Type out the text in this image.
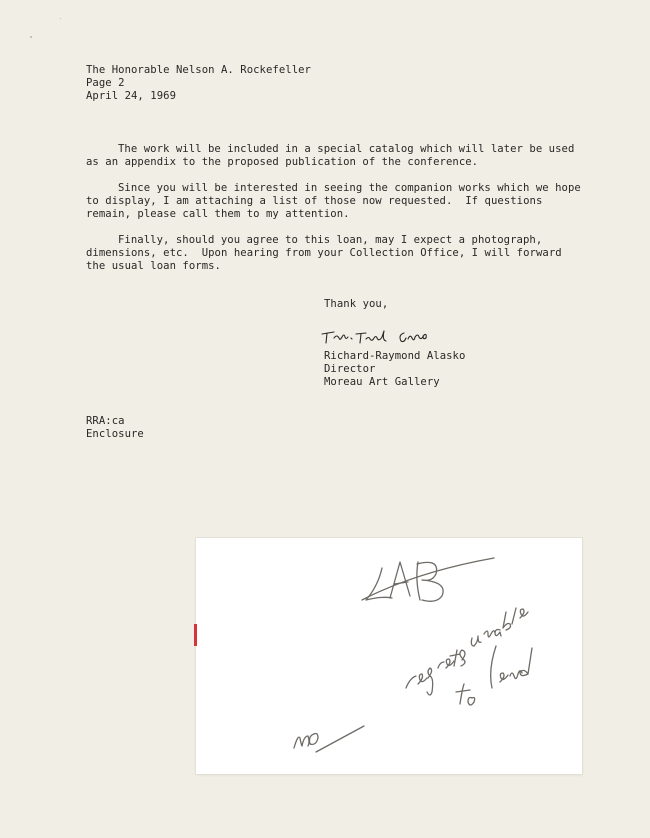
The Honorable Nelson A. Rockefeller
Page 2
April 24, 1969
The work will be included in a special catalog which will later be used
as an appendix to the proposed publication of the conference.
Since you will be interested in seeing the companion works which we hope
to display, I am attaching a list of those now requested.  If questions
remain, please call them to my attention.
Finally, should you agree to this loan, may I expect a photograph,
dimensions, etc.  Upon hearing from your Collection Office, I will forward
the usual loan forms.
Thank you,
Richard-Raymond Alasko
Director
Moreau Art Gallery
RRA:ca
Enclosure
